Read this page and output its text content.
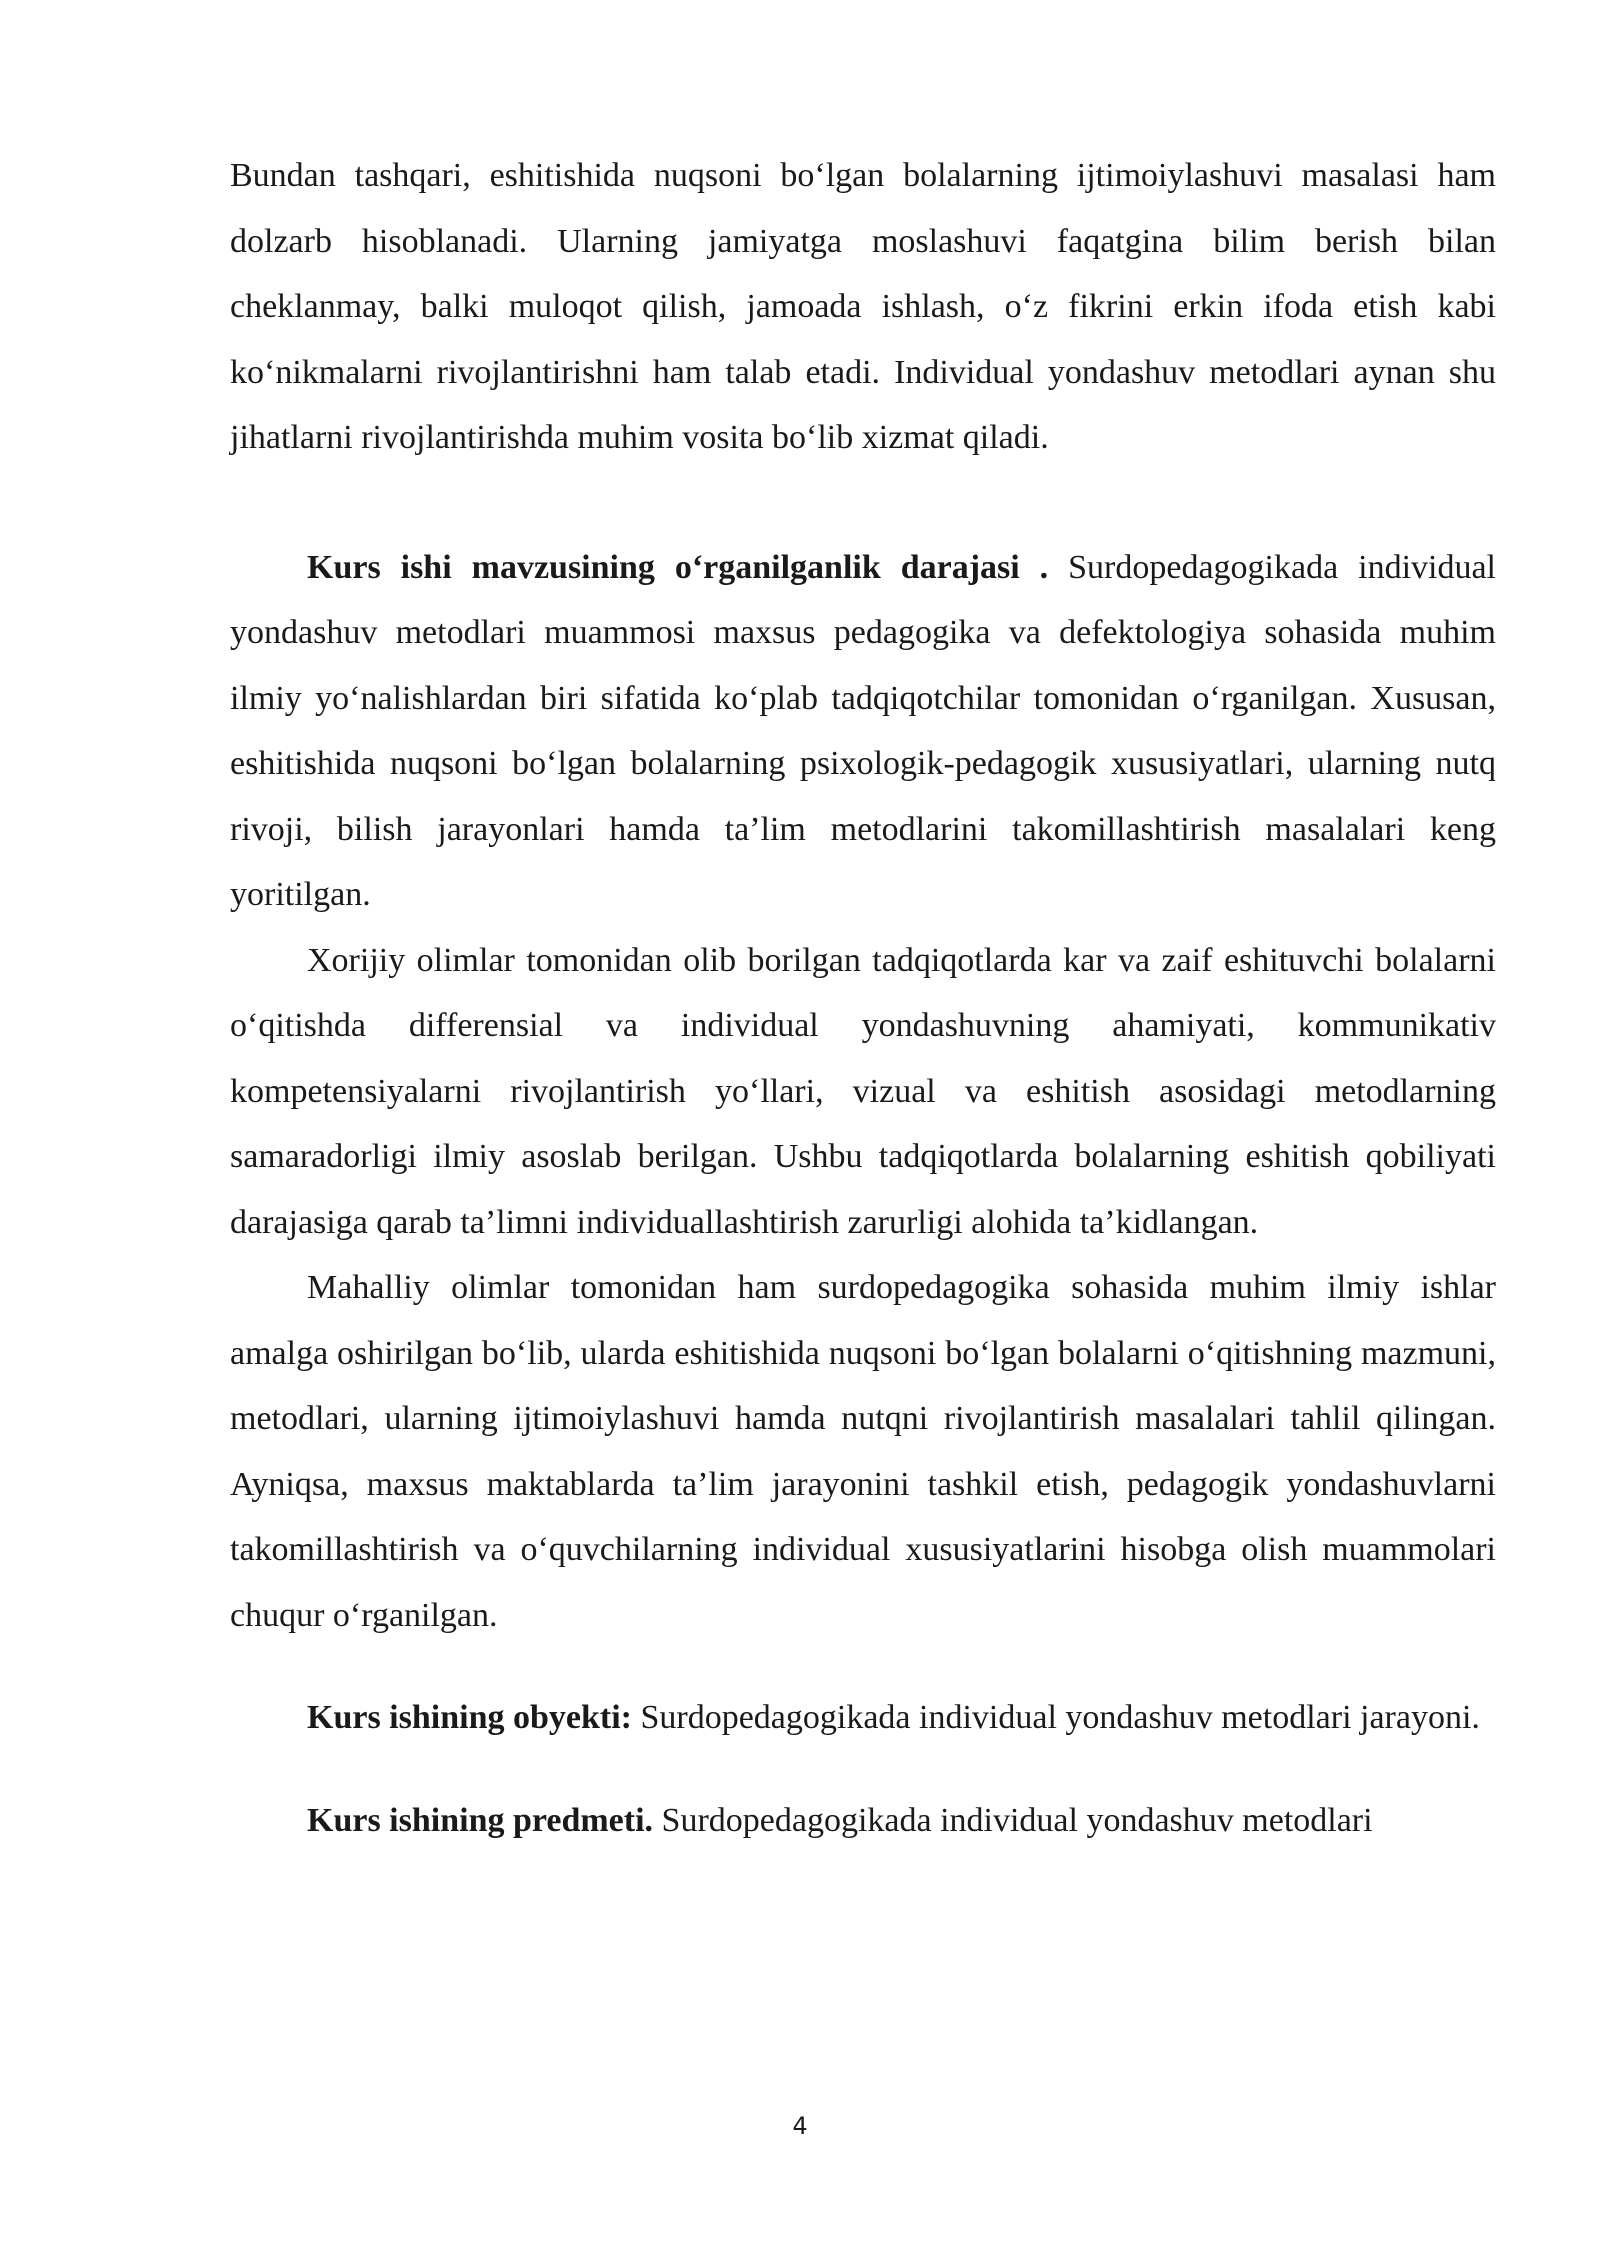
Bundan tashqari, eshitishida nuqsoni bo‘lgan bolalarning ijtimoiylashuvi masalasi ham dolzarb hisoblanadi. Ularning jamiyatga moslashuvi faqatgina bilim berish bilan cheklanmay, balki muloqot qilish, jamoada ishlash, o‘z fikrini erkin ifoda etish kabi ko‘nikmalarni rivojlantirishni ham talab etadi. Individual yondashuv metodlari aynan shu jihatlarni rivojlantirishda muhim vosita bo‘lib xizmat qiladi.

Kurs ishi mavzusining o‘rganilganlik darajasi . Surdopedagogikada individual yondashuv metodlari muammosi maxsus pedagogika va defektologiya sohasida muhim ilmiy yo‘nalishlardan biri sifatida ko‘plab tadqiqotchilar tomonidan o‘rganilgan. Xususan, eshitishida nuqsoni bo‘lgan bolalarning psixologik-pedagogik xususiyatlari, ularning nutq rivoji, bilish jarayonlari hamda ta’lim metodlarini takomillashtirish masalalari keng yoritilgan.

Xorijiy olimlar tomonidan olib borilgan tadqiqotlarda kar va zaif eshituvchi bolalarni o‘qitishda differensial va individual yondashuvning ahamiyati, kommunikativ kompetensiyalarni rivojlantirish yo‘llari, vizual va eshitish asosidagi metodlarning samaradorligi ilmiy asoslab berilgan. Ushbu tadqiqotlarda bolalarning eshitish qobiliyati darajasiga qarab ta’limni individuallashtirish zarurligi alohida ta’kidlangan.

Mahalliy olimlar tomonidan ham surdopedagogika sohasida muhim ilmiy ishlar amalga oshirilgan bo‘lib, ularda eshitishida nuqsoni bo‘lgan bolalarni o‘qitishning mazmuni, metodlari, ularning ijtimoiylashuvi hamda nutqni rivojlantirish masalalari tahlil qilingan. Ayniqsa, maxsus maktablarda ta’lim jarayonini tashkil etish, pedagogik yondashuvlarni takomillashtirish va o‘quvchilarning individual xususiyatlarini hisobga olish muammolari chuqur o‘rganilgan.

Kurs ishining obyekti: Surdopedagogikada individual yondashuv metodlari jarayoni.

Kurs ishining predmeti. Surdopedagogikada individual yondashuv metodlari

4
